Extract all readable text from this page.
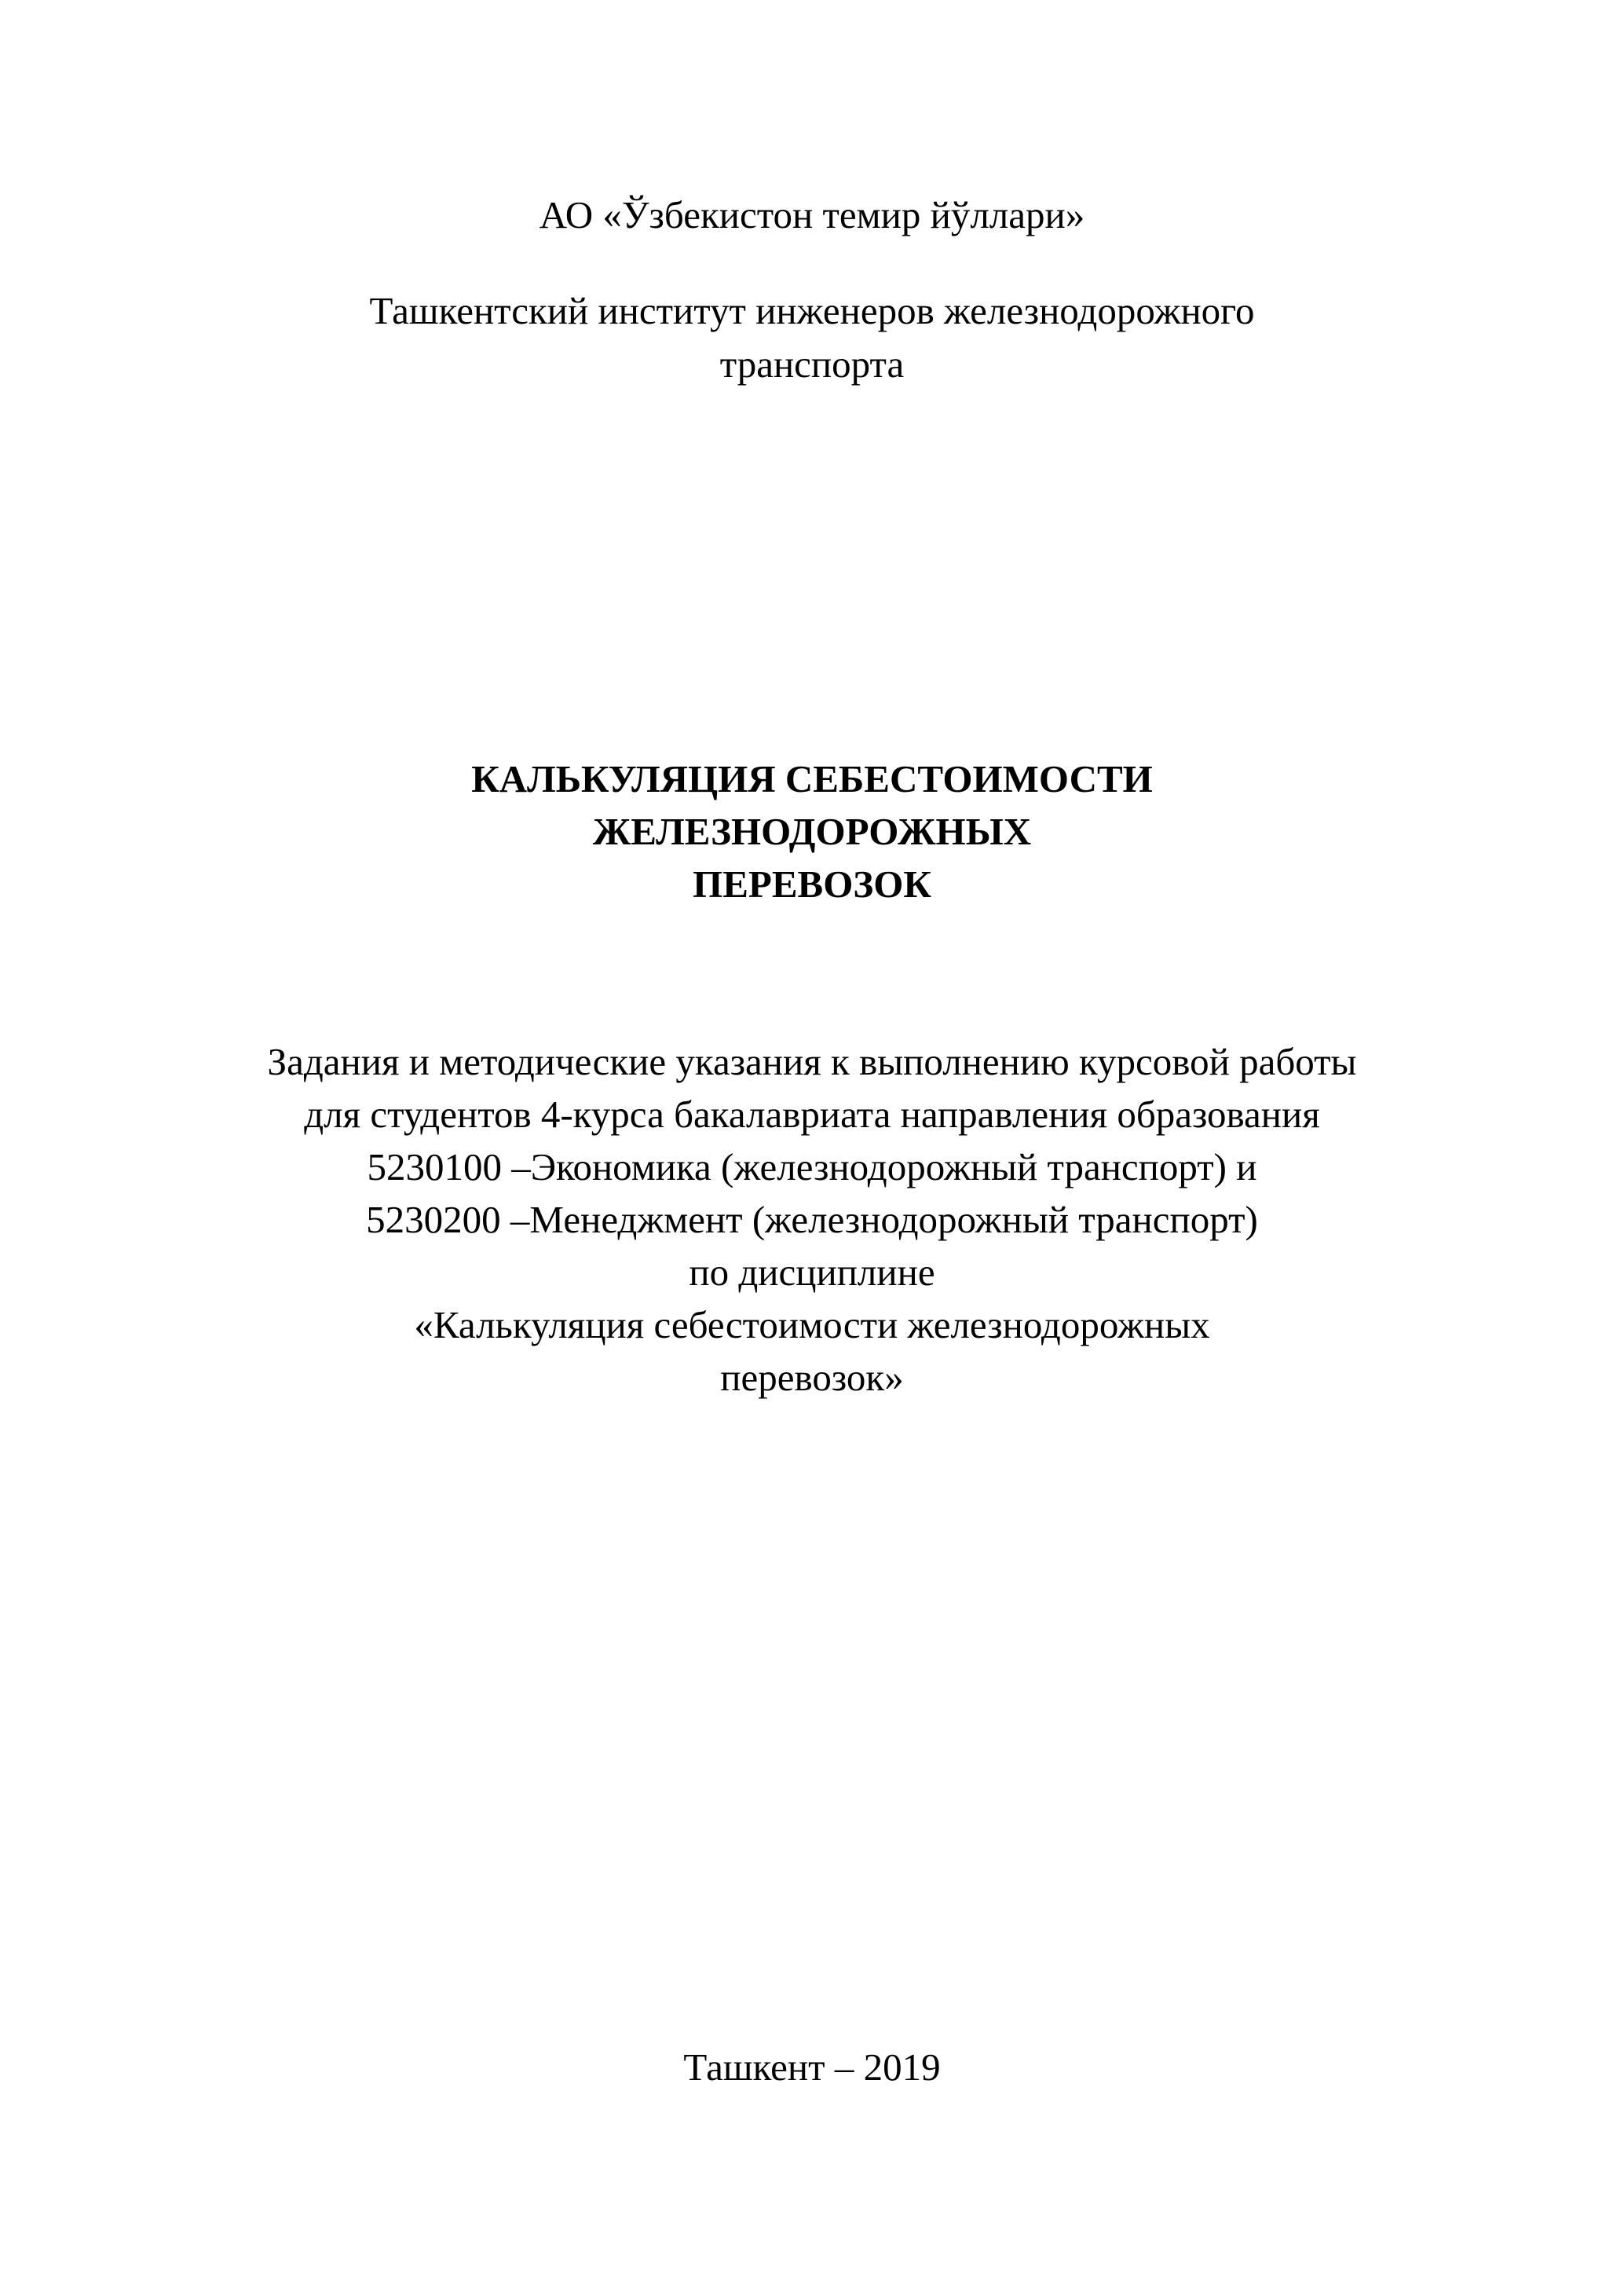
АО «Ўзбекистон темир йўллари»
Ташкентский институт инженеров железнодорожного
транспорта
КАЛЬКУЛЯЦИЯ СЕБЕСТОИМОСТИ
ЖЕЛЕЗНОДОРОЖНЫХ
ПЕРЕВОЗОК
Задания и методические указания к выполнению курсовой работы
для студентов 4-курса бакалавриата направления образования
5230100 –Экономика (железнодорожный транспорт) и
5230200 –Менеджмент (железнодорожный транспорт)
по дисциплине
«Калькуляция себестоимости железнодорожных
перевозок»
Ташкент – 2019
